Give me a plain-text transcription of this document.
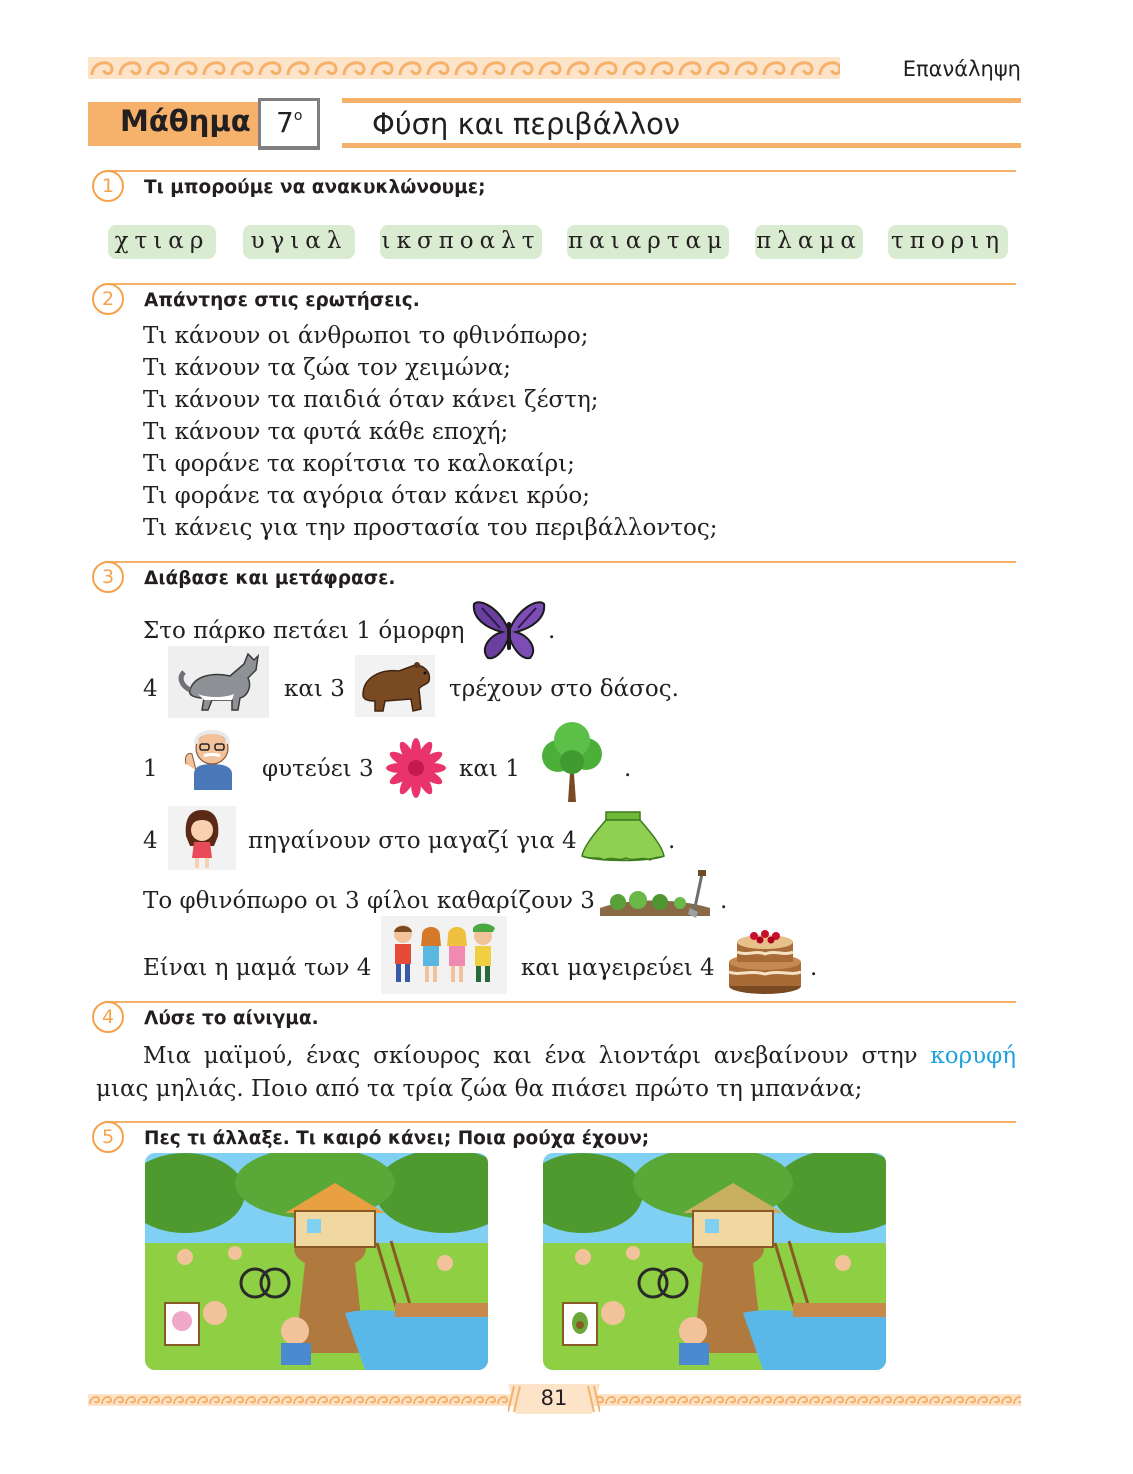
Επανάληψη
Μάθημα $7^o$ Φύση και περιβάλλον
1	Τι μπορούμε να ανακυκλώνουμε;
χτιαρ	υγιαλ	ικσποαλτ παιαρταμ πλαμα τποριη
2	Απάντησε στις ερωτήσεις.
Τι κάνουν οι άνθρωποι το φθινόπωρο;
Τι κάνουν τα ζώα τον χειμώνα;
Τι κάνουν τα παιδιά όταν κάνει ζέστη;
Τι κάνουν τα φυτά κάθε εποχή;
Τι φοράνε τα κορίτσια το καλοκαίρι;
Τι φοράνε τα αγόρια όταν κάνει κρύο;
Τι κάνεις για την προστασία του περιβάλλοντος;
3	Διάβασε και μετάφρασε.
Στο πάρκο πετάει 1 όμορφη	.
4	και 3	τρέχουν στο δάσος.
1	φυτεύει 3	και 1	.
4	πηγαίνουν στο μαγαζί για 4	.
Το φθινόπωρο οι 3 φίλοι καθαρίζουν 3	.
Είναι η μαμά των 4	και μαγειρεύει 4	.
4	Λύσε το αίνιγμα.

Μια μαϊμού, ένας σκίουρος και ένα λιοντάρι ανεβαίνουν στην κορυφή μιας μηλιάς. Ποιο από τα τρία ζώα θα πιάσει πρώτο τη μπανάνα;

5	Πες τι άλλαξε. Τι καιρό κάνει; Ποια ρούχα έχουν;
81
